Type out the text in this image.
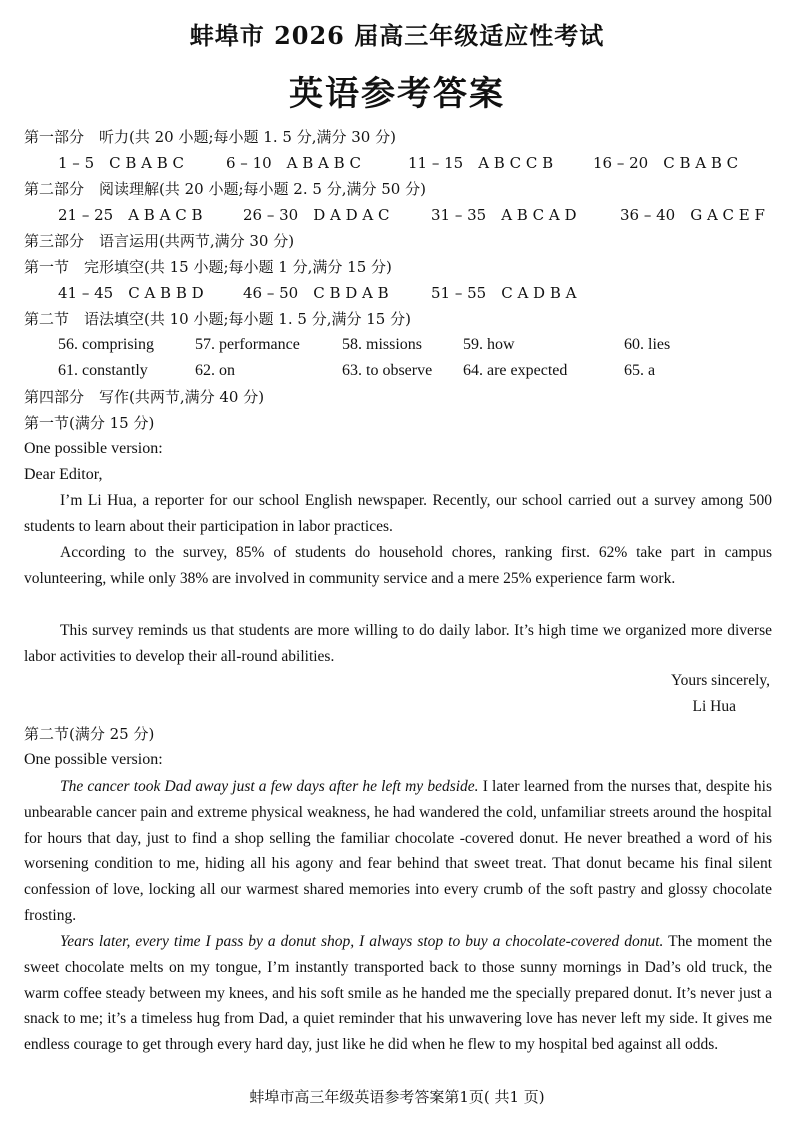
蚌埠市 2026 届高三年级适应性考试
英语参考答案
第一部分　听力(共 20 小题;每小题 1. 5 分,满分 30 分)
1 – 5　C B A B C	6 – 10　A B A B C	11 – 15　A B C C B	16 – 20　C B A B C
第二部分　阅读理解(共 20 小题;每小题 2. 5 分,满分 50 分)
21 – 25　A B A C B	26 – 30　D A D A C	31 – 35　A B C A D	36 – 40　G A C E F
第三部分　语言运用(共两节,满分 30 分)
第一节　完形填空(共 15 小题;每小题 1 分,满分 15 分)
41 – 45　C A B B D	46 – 50　C B D A B	51 – 55　C A D B A
第二节　语法填空(共 10 小题;每小题 1. 5 分,满分 15 分)
56. comprising	57. performance	58. missions	59. how	60. lies
61. constantly	62. on	63. to observe 64. are expected	65. a
第四部分　写作(共两节,满分 40 分)
第一节(满分 15 分)
One possible version:
Dear Editor,

I’m Li Hua, a reporter for our school English newspaper. Recently, our school carried out a survey among 500 students to learn about their participation in labor practices.

According to the survey, 85% of students do household chores, ranking first. 62% take part in campus volunteering, while only 38% are involved in community service and a mere 25% experience farm work.

This survey reminds us that students are more willing to do daily labor. It’s high time we organized more diverse labor activities to develop their all-round abilities.

Yours sincerely,
Li Hua
第二节(满分 25 分)
One possible version:

The cancer took Dad away just a few days after he left my bedside. I later learned from the nurses that, despite his unbearable cancer pain and extreme physical weakness, he had wandered the cold, unfamiliar streets around the hospital for hours that day, just to find a shop selling the familiar chocolate -covered donut. He never breathed a word of his worsening condition to me, hiding all his agony and fear behind that sweet treat. That donut became his final silent confession of love, locking all our warmest shared memories into every crumb of the soft pastry and glossy chocolate frosting.

Years later, every time I pass by a donut shop, I always stop to buy a chocolate-covered donut. The moment the sweet chocolate melts on my tongue, I’m instantly transported back to those sunny mornings in Dad’s old truck, the warm coffee steady between my knees, and his soft smile as he handed me the specially prepared donut. It’s never just a snack to me; it’s a timeless hug from Dad, a quiet reminder that his unwavering love has never left my side. It gives me endless courage to get through every hard day, just like he did when he flew to my hospital bed against all odds.

蚌埠市高三年级英语参考答案第1页( 共1 页)
